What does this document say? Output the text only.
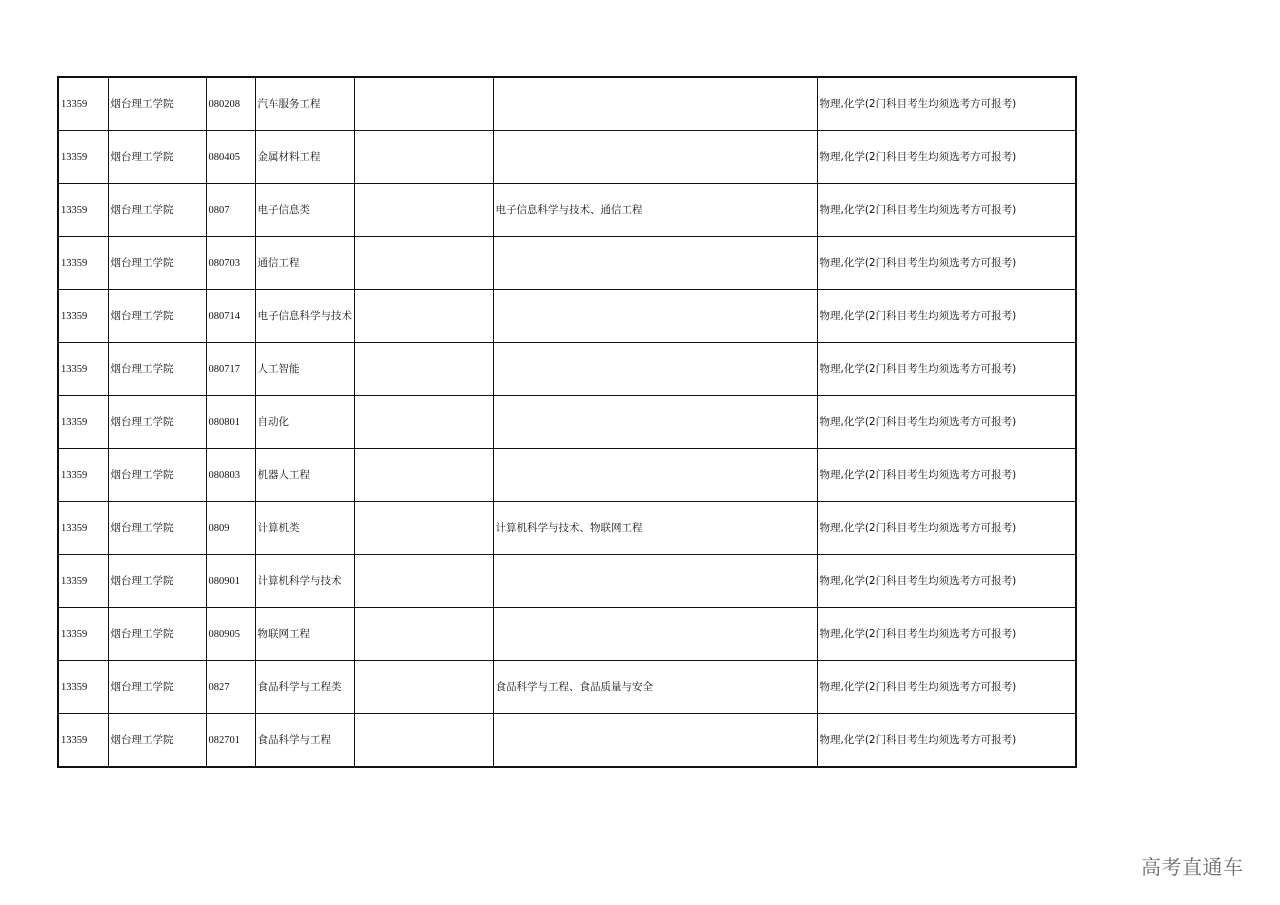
13359	烟台理工学院	080208	汽车服务工程			物理,化学(2门科目考生均须选考方可报考)
13359	烟台理工学院	080405	金属材料工程			物理,化学(2门科目考生均须选考方可报考)
13359	烟台理工学院	0807	电子信息类		电子信息科学与技术、通信工程	物理,化学(2门科目考生均须选考方可报考)
13359	烟台理工学院	080703	通信工程			物理,化学(2门科目考生均须选考方可报考)
13359	烟台理工学院	080714	电子信息科学与技术			物理,化学(2门科目考生均须选考方可报考)
13359	烟台理工学院	080717	人工智能			物理,化学(2门科目考生均须选考方可报考)
13359	烟台理工学院	080801	自动化			物理,化学(2门科目考生均须选考方可报考)
13359	烟台理工学院	080803	机器人工程			物理,化学(2门科目考生均须选考方可报考)
13359	烟台理工学院	0809	计算机类		计算机科学与技术、物联网工程	物理,化学(2门科目考生均须选考方可报考)
13359	烟台理工学院	080901	计算机科学与技术			物理,化学(2门科目考生均须选考方可报考)
13359	烟台理工学院	080905	物联网工程			物理,化学(2门科目考生均须选考方可报考)
13359	烟台理工学院	0827	食品科学与工程类		食品科学与工程、食品质量与安全	物理,化学(2门科目考生均须选考方可报考)
13359	烟台理工学院	082701	食品科学与工程			物理,化学(2门科目考生均须选考方可报考)
高考直通车
